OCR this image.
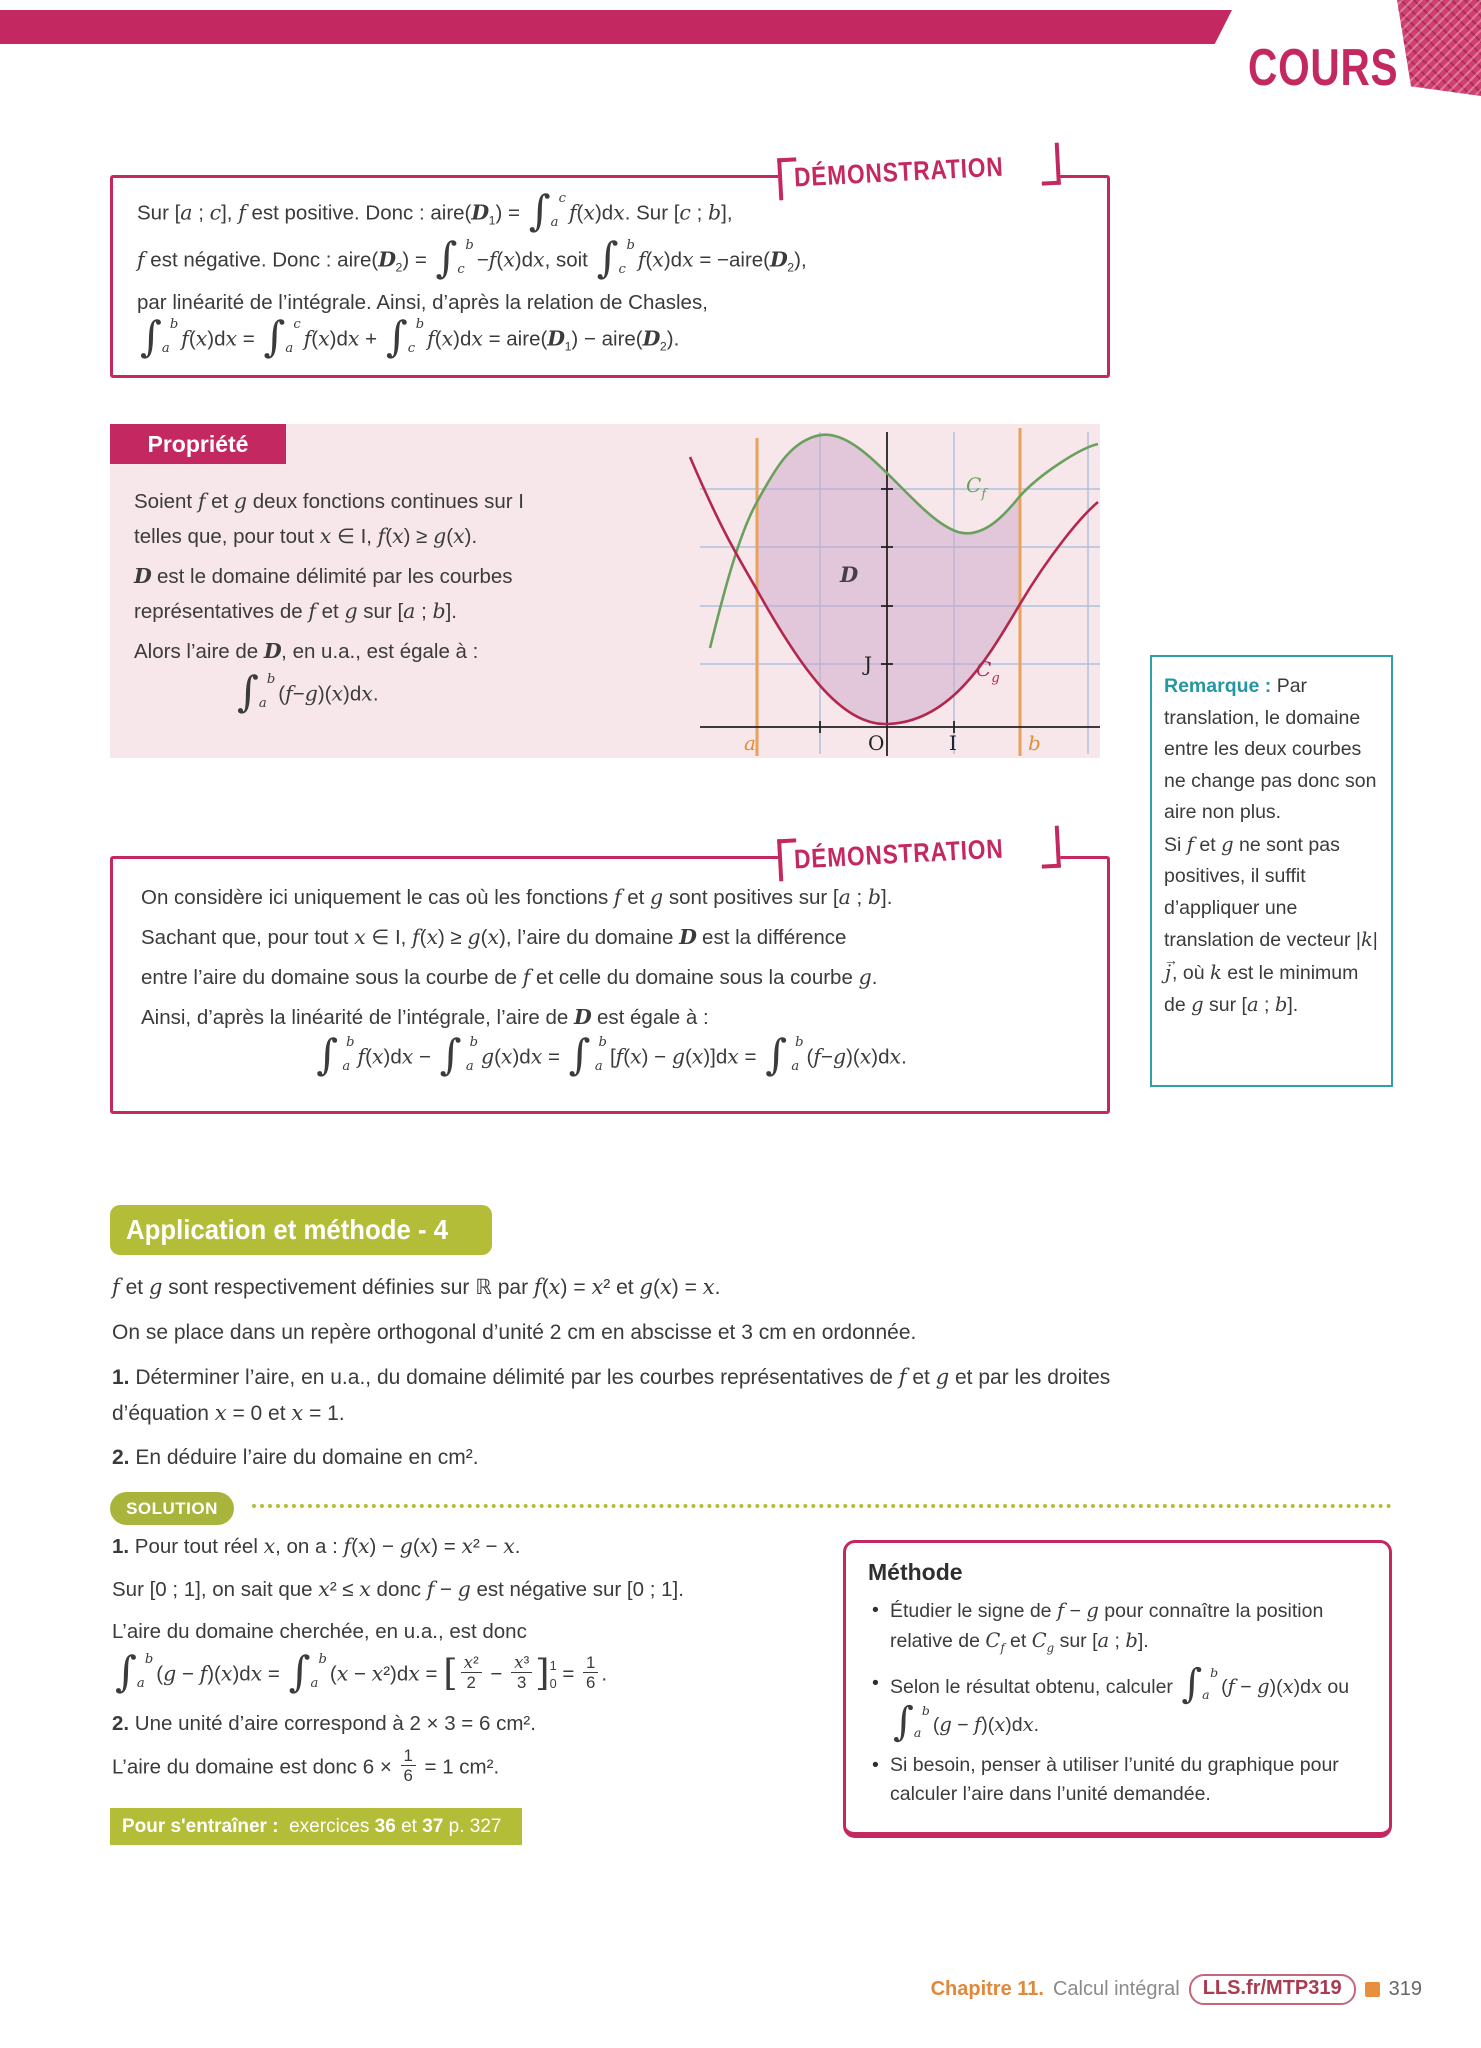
COURS
DÉMONSTRATION
Sur [a ; c], f est positive. Donc : $aire(D_1)$ = ∫ c
a f(x)dx. Sur [c ; b],
f est négative. Donc : $aire(D_2)$ = ∫ b
c −f(x)dx, soit ∫ b
c $f(x)dx = -aire(D_2)$,
par linéarité de l’intégrale. Ainsi, d’après la relation de Chasles,
∫ b
a f(x)dx = ∫ c
a f(x)dx + ∫ b
c $f(x)dx = aire(D_1)$ − $aire(D_2)$.
Propriété
Soient f et g deux fonctions continues sur I
telles que, pour tout x ∈ I, f(x) ≥ g(x).
D est le domaine délimité par les courbes
représentatives de f et g sur [a ; b].
Alors l’aire de D, en u.a., est égale à :
∫ b
a (f−g)(x)dx.
a	O	I	b
J
D
$C_f$
$C_g$	Remarque : Par translation, le domaine entre les deux courbes ne change pas donc son aire non plus.

Si f et g ne sont pas positives, il suffit d’appliquer une translation de vecteur |k|→ j, où k est le minimum de g sur [a ; b].

DÉMONSTRATION
On considère ici uniquement le cas où les fonctions f et g sont positives sur [a ; b].
Sachant que, pour tout x ∈ I, f(x) ≥ g(x), l’aire du domaine D est la différence
entre l’aire du domaine sous la courbe de f et celle du domaine sous la courbe g.
Ainsi, d’après la linéarité de l’intégrale, l’aire de D est égale à :
∫ b
a f(x)dx − ∫ b
a g(x)dx = ∫ b
a [f(x) − g(x)]dx = ∫ b
a (f−g)(x)dx.
Application et méthode - 4
f et g sont respectivement définies sur ℝ par f(x) = x² et g(x) = x.
On se place dans un repère orthogonal d’unité 2 cm en abscisse et 3 cm en ordonnée.
1. Déterminer l’aire, en u.a., du domaine délimité par les courbes représentatives de f et g et par les droites
d’équation x = 0 et x = 1.
2. En déduire l’aire du domaine en cm².
SOLUTION
1. Pour tout réel x, on a : f(x) − g(x) = x² − x.
Sur [0 ; 1], on sait que x² ≤ x donc f − g est négative sur [0 ; 1].
L’aire du domaine cherchée, en u.a., est donc
∫ b
a (g − f)(x)dx = ∫ b
a (x − x²)dx = [ $\frac{\text{x²}}{2} - \frac{\text{x³}}{3}$ ] 1
$0 = \frac{1}{6}$ .
2. Une unité d’aire correspond à 2 × 3 = 6 cm².
L’aire du domaine est donc $6 \times \frac{1}{6} = 1$ cm².
Pour s'entraîner :  exercices 36 et 37 p. 327
Méthode
• Étudier le signe de f − g pour connaître la position relative de $C_f$ et $C_g$ sur [a ; b].
• Selon le résultat obtenu, calculer ∫ b
a (f − g)(x)dx ou
∫ b
a (g − f)(x)dx.
• Si besoin, penser à utiliser l’unité du graphique pour calculer l’aire dans l’unité demandée.
Chapitre 11. Calcul intégral	LLS.fr/MTP319	319
